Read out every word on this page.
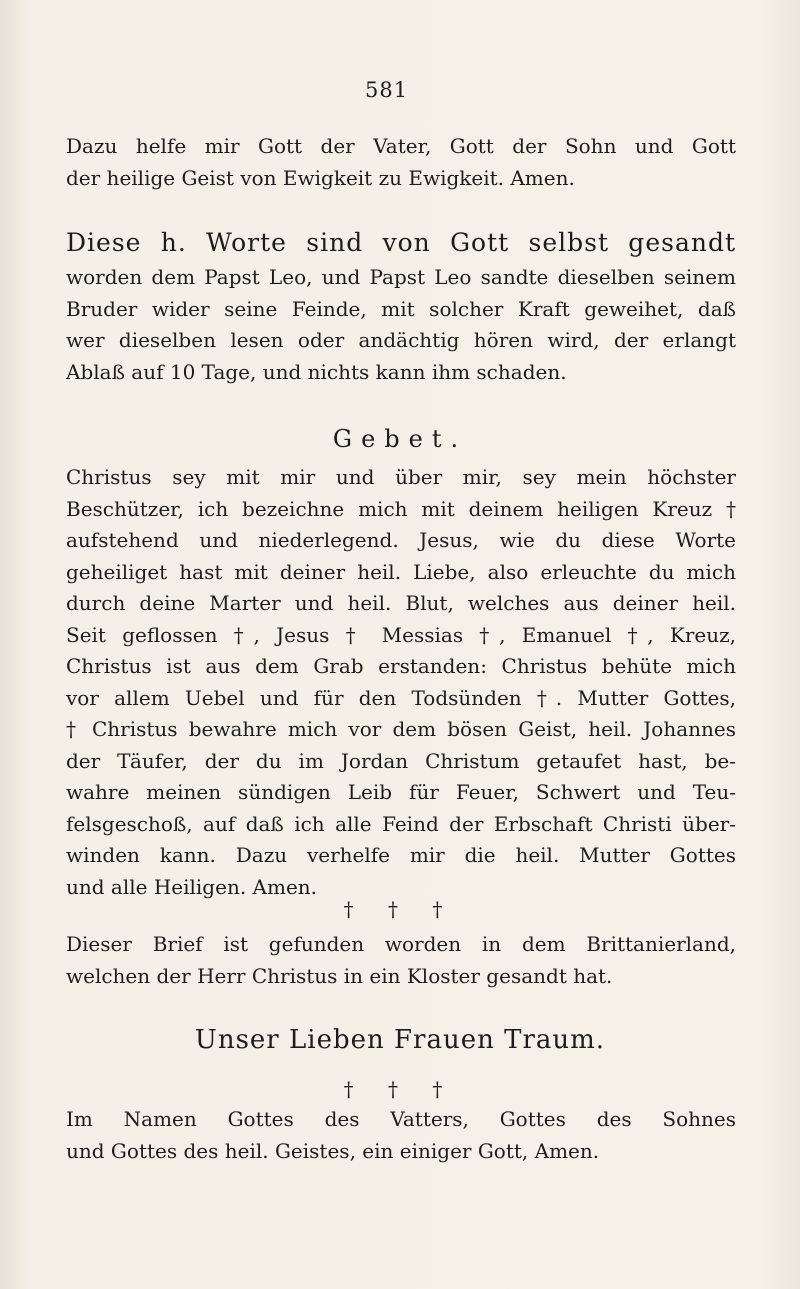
581
Dazu helfe mir Gott der Vater, Gott der Sohn und Gott
der heilige Geist von Ewigkeit zu Ewigkeit. Amen.
Diese h. Worte sind von Gott selbst gesandt
worden dem Papst Leo, und Papst Leo sandte dieselben seinem
Bruder wider seine Feinde, mit solcher Kraft geweihet, daß
wer dieselben lesen oder andächtig hören wird, der erlangt
Ablaß auf 10 Tage, und nichts kann ihm schaden.
Gebet.
Christus sey mit mir und über mir, sey mein höchster
Beschützer, ich bezeichne mich mit deinem heiligen Kreuz †
aufstehend und niederlegend. Jesus, wie du diese Worte
geheiliget hast mit deiner heil. Liebe, also erleuchte du mich
durch deine Marter und heil. Blut, welches aus deiner heil.
Seit geflossen †, Jesus † Messias †, Emanuel †, Kreuz,
Christus ist aus dem Grab erstanden: Christus behüte mich
vor allem Uebel und für den Todsünden †. Mutter Gottes,
† Christus bewahre mich vor dem bösen Geist, heil. Johannes
der Täufer, der du im Jordan Christum getaufet hast, be-
wahre meinen sündigen Leib für Feuer, Schwert und Teu-
felsgeschoß, auf daß ich alle Feind der Erbschaft Christi über-
winden kann. Dazu verhelfe mir die heil. Mutter Gottes
und alle Heiligen. Amen.
† † †
Dieser Brief ist gefunden worden in dem Brittanierland,
welchen der Herr Christus in ein Kloster gesandt hat.
Unser Lieben Frauen Traum.
† † †
Im Namen Gottes des Vatters, Gottes des Sohnes
und Gottes des heil. Geistes, ein einiger Gott, Amen.
